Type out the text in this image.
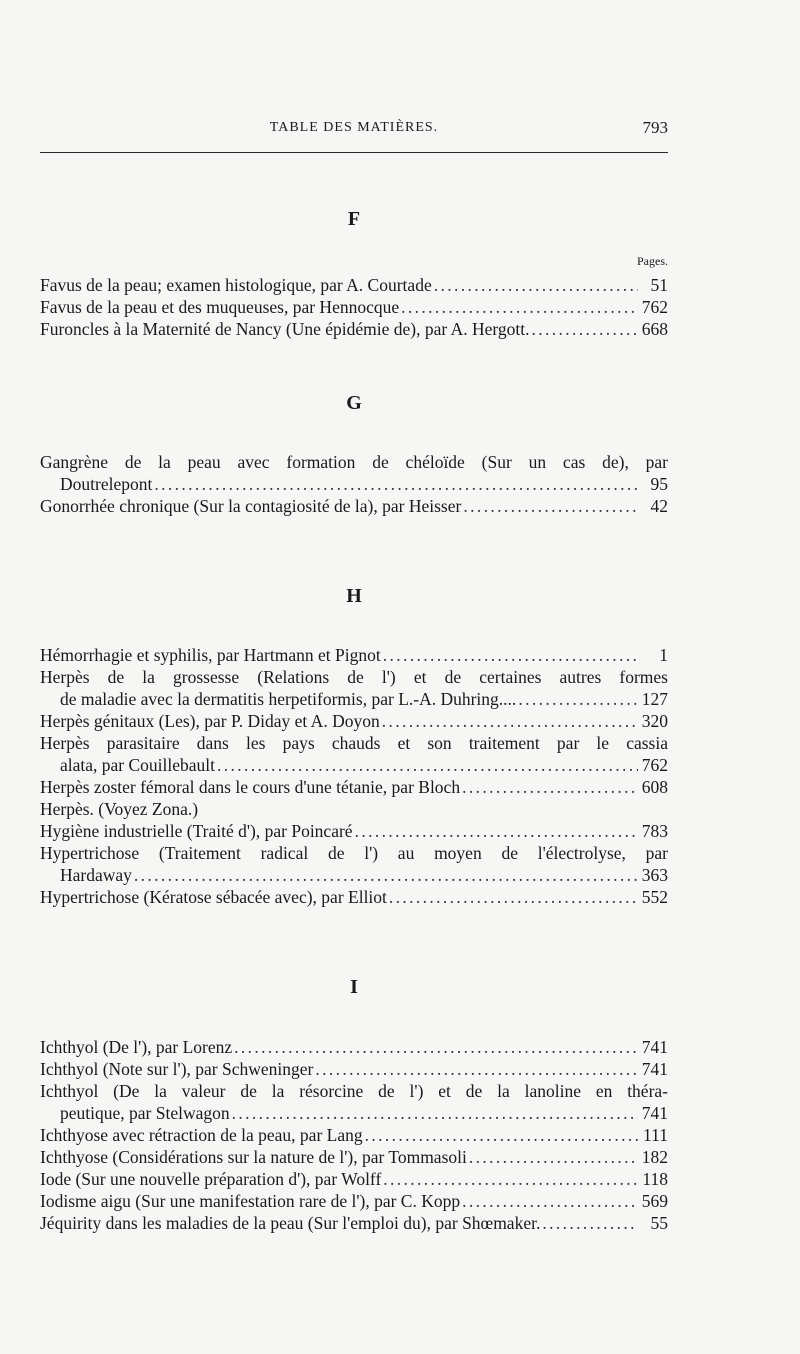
TABLE DES MATIÈRES.	793
F
Pages.
Favus de la peau; examen histologique, par A. Courtade . . .	51
Favus de la peau et des muqueuses, par Hennocque . . .	762
Furoncles à la Maternité de Nancy (Une épidémie de), par A. Hergott. . . .	668
G
Gangrène de la peau avec formation de chéloïde (Sur un cas de), par
Doutrelepont . . .	95
Gonorrhée chronique (Sur la contagiosité de la), par Heisser . . .	42
H
Hémorrhagie et syphilis, par Hartmann et Pignot . . .	1
Herpès de la grossesse (Relations de l') et de certaines autres formes
de maladie avec la dermatitis herpetiformis, par L.-A. Duhring.... . . .	127
Herpès génitaux (Les), par P. Diday et A. Doyon . . .	320
Herpès parasitaire dans les pays chauds et son traitement par le cassia
alata, par Couillebault . . .	762
Herpès zoster fémoral dans le cours d'une tétanie, par Bloch . . .	608
Herpès. (Voyez Zona.)
Hygiène industrielle (Traité d'), par Poincaré . . .	783
Hypertrichose (Traitement radical de l') au moyen de l'électrolyse, par
Hardaway . . .	363
Hypertrichose (Kératose sébacée avec), par Elliot . . .	552
I
Ichthyol (De l'), par Lorenz . . .	741
Ichthyol (Note sur l'), par Schweninger . . .	741
Ichthyol (De la valeur de la résorcine de l') et de la lanoline en théra-
peutique, par Stelwagon . . .	741
Ichthyose avec rétraction de la peau, par Lang . . .	111
Ichthyose (Considérations sur la nature de l'), par Tommasoli . . .	182
Iode (Sur une nouvelle préparation d'), par Wolff . . .	118
Iodisme aigu (Sur une manifestation rare de l'), par C. Kopp . . .	569
Jéquirity dans les maladies de la peau (Sur l'emploi du), par Shœmaker. . . .	55
